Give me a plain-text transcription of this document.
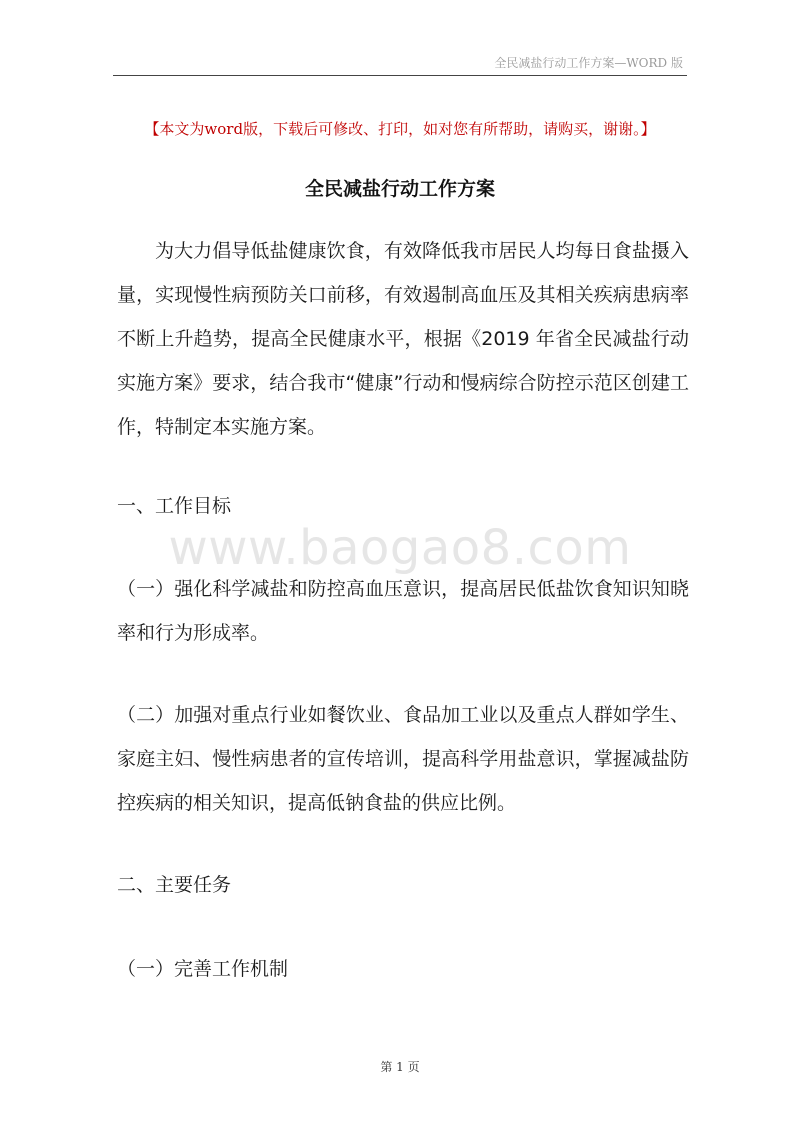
全民减盐行动工作方案—WORD 版
【本文为word版，下载后可修改、打印，如对您有所帮助，请购买，谢谢。】
全民减盐行动工作方案
为大力倡导低盐健康饮食，有效降低我市居民人均每日食盐摄入量，实现慢性病预防关口前移，有效遏制高血压及其相关疾病患病率不断上升趋势，提高全民健康水平，根据《2019 年省全民减盐行动实施方案》要求，结合我市“健康”行动和慢病综合防控示范区创建工作，特制定本实施方案。
一、工作目标
www.baogao8.com
（一）强化科学减盐和防控高血压意识，提高居民低盐饮食知识知晓率和行为形成率。
（二）加强对重点行业如餐饮业、食品加工业以及重点人群如学生、家庭主妇、慢性病患者的宣传培训，提高科学用盐意识，掌握减盐防控疾病的相关知识，提高低钠食盐的供应比例。
二、主要任务
（一）完善工作机制
第 1 页
